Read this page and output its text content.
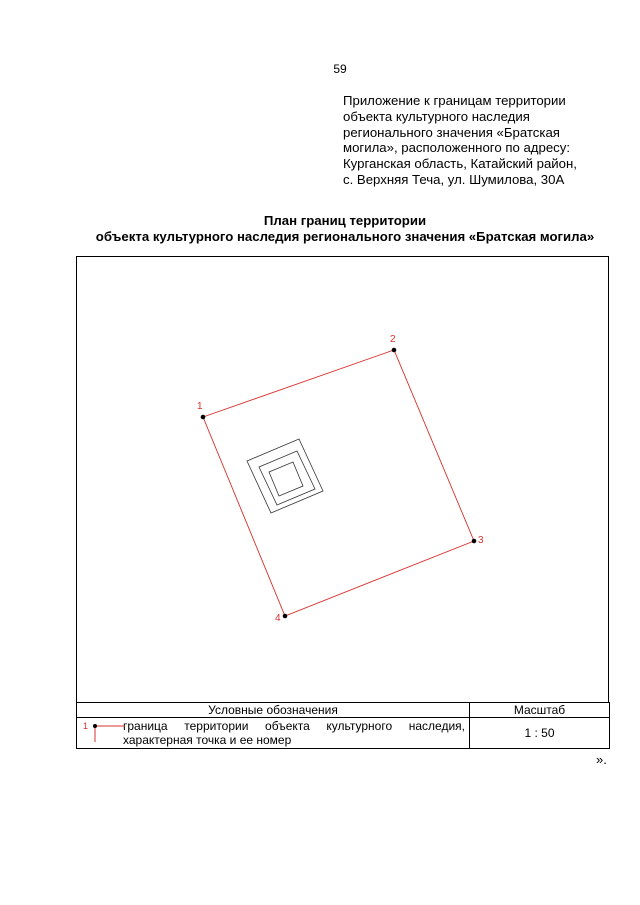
59
Приложение к границам территории
объекта культурного наследия
регионального значения «Братская
могила», расположенного по адресу:
Курганская область, Катайский район,
с. Верхняя Теча, ул. Шумилова, 30А
План границ территории
объекта культурного наследия регионального значения «Братская могила»
1
2
3
4
Условные обозначения	Масштаб

1 граница территории объекта культурного наследия, характерная точка и ее номер	1 : 50
».
